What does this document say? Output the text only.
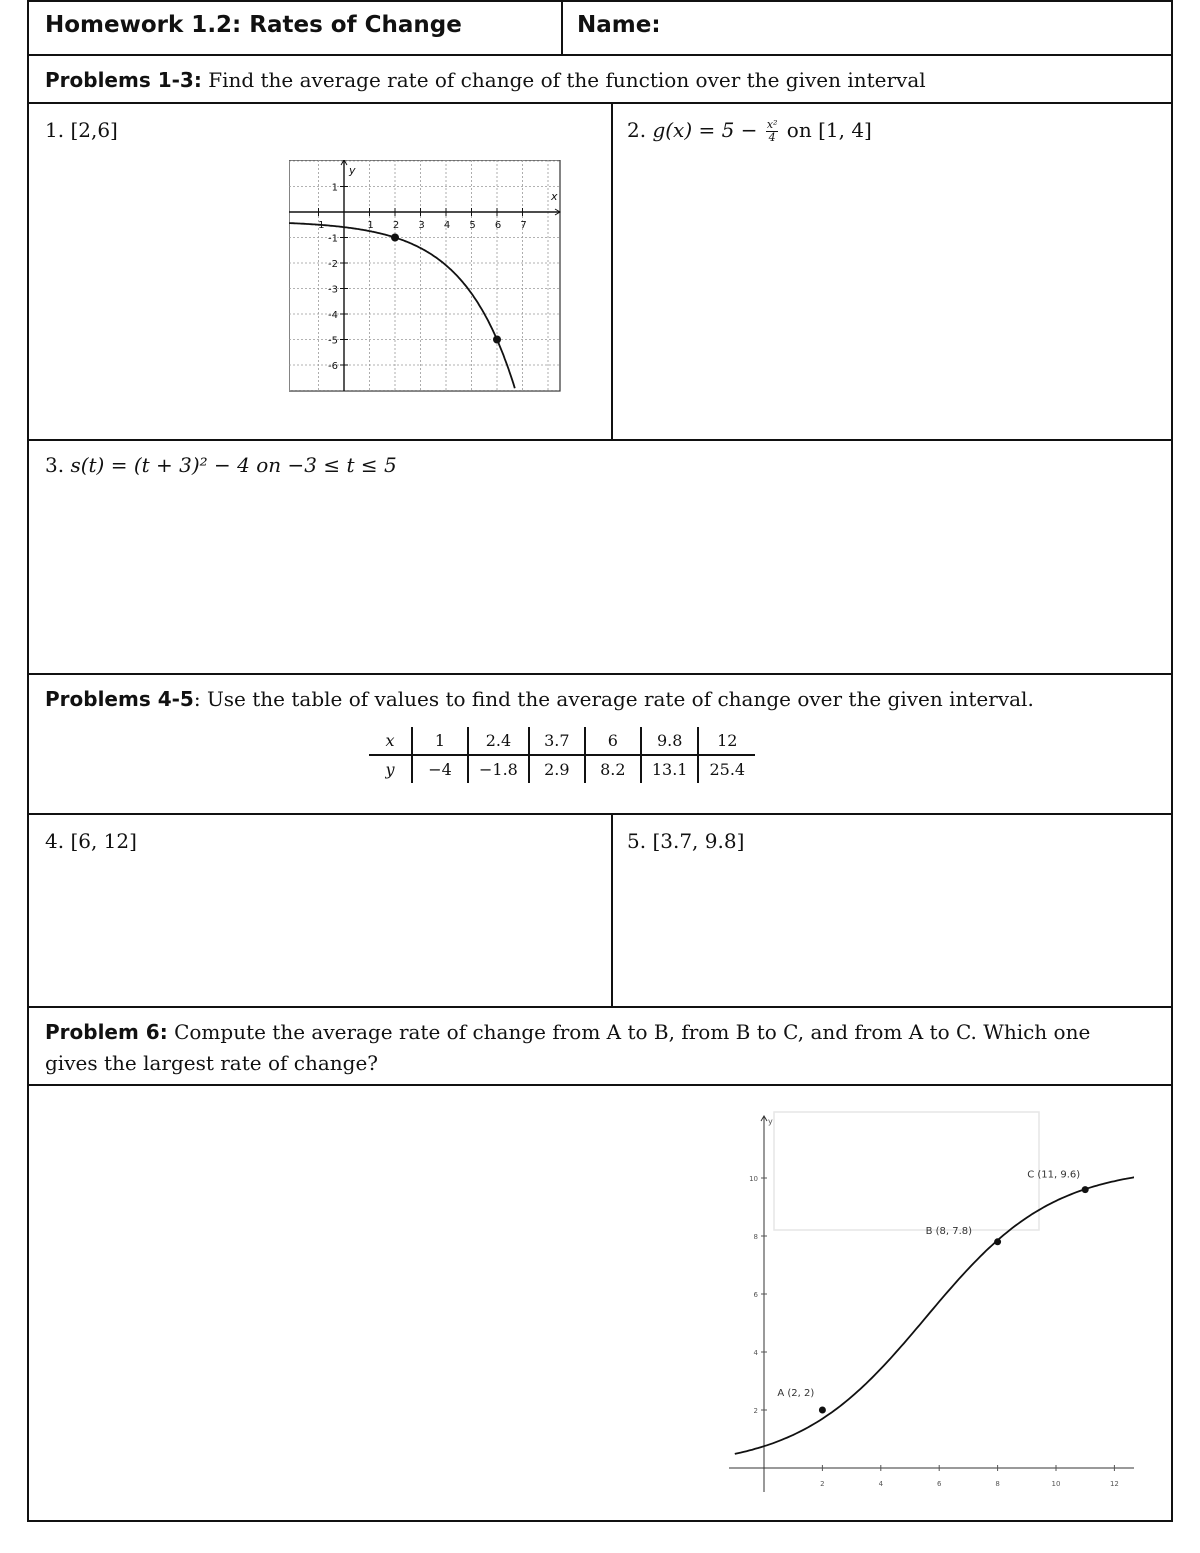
Homework 1.2: Rates of Change	Name:
Problems 1-3: Find the average rate of change of the function over the given interval
1. [2,6]
-1	1 2 3 4 5 6 7
1
-1
-2
-3
-4
-5
-6
x
y
2. $g(x) = 5 - \frac{\text{x²}}{4}$ on [1, 4]
3. s(t) = (t + 3)² − 4 on −3 ≤ t ≤ 5
Problems 4-5: Use the table of values to find the average rate of change over the given interval.
x	1	2.4	3.7	6	9.8	12
y	−4	−1.8	2.9	8.2	13.1	25.4
4. [6, 12]	5. [3.7, 9.8]
Problem 6: Compute the average rate of change from A to B, from B to C, and from A to C. Which one gives the largest rate of change?
2	4	6	8	10	12
2
4
6
8
10
y
A (2, 2)
B (8, 7.8)
C (11, 9.6)
